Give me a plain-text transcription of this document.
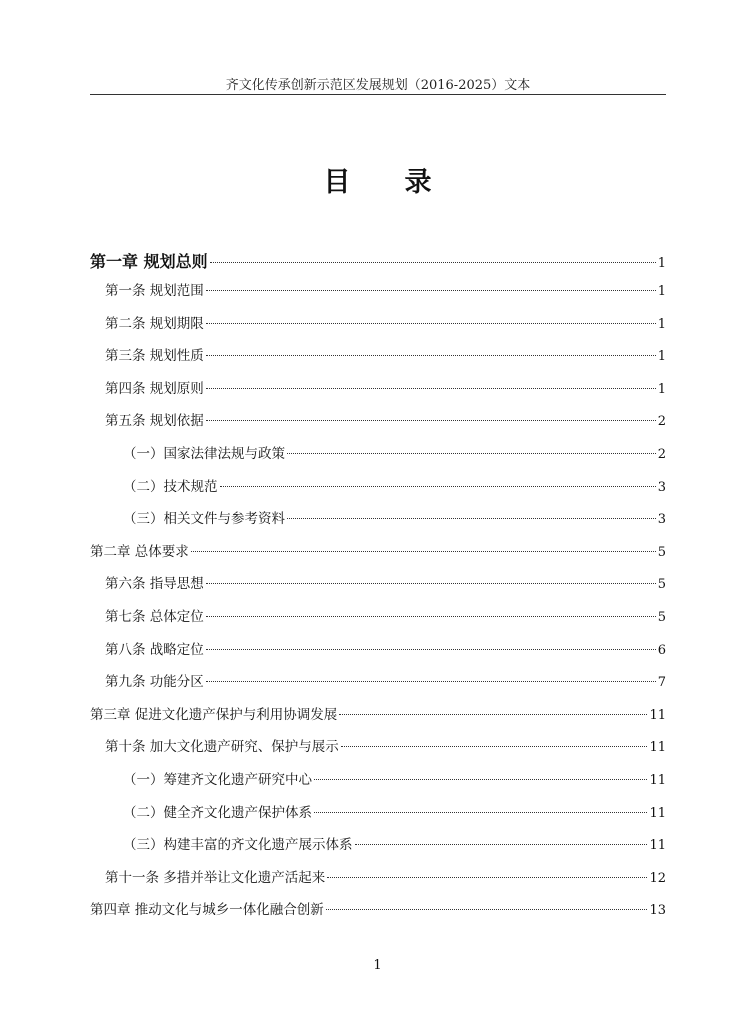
齐文化传承创新示范区发展规划（2016-2025）文本
目录
第一章 规划总则	1
第一条 规划范围	1
第二条 规划期限	1
第三条 规划性质	1
第四条 规划原则	1
第五条 规划依据	2
（一）国家法律法规与政策	2
（二）技术规范	3
（三）相关文件与参考资料	3
第二章 总体要求	5
第六条 指导思想	5
第七条 总体定位	5
第八条 战略定位	6
第九条 功能分区	7
第三章 促进文化遗产保护与利用协调发展	11
第十条 加大文化遗产研究、保护与展示	11
（一）筹建齐文化遗产研究中心	11
（二）健全齐文化遗产保护体系	11
（三）构建丰富的齐文化遗产展示体系	11
第十一条 多措并举让文化遗产活起来	12
第四章 推动文化与城乡一体化融合创新	13
1
